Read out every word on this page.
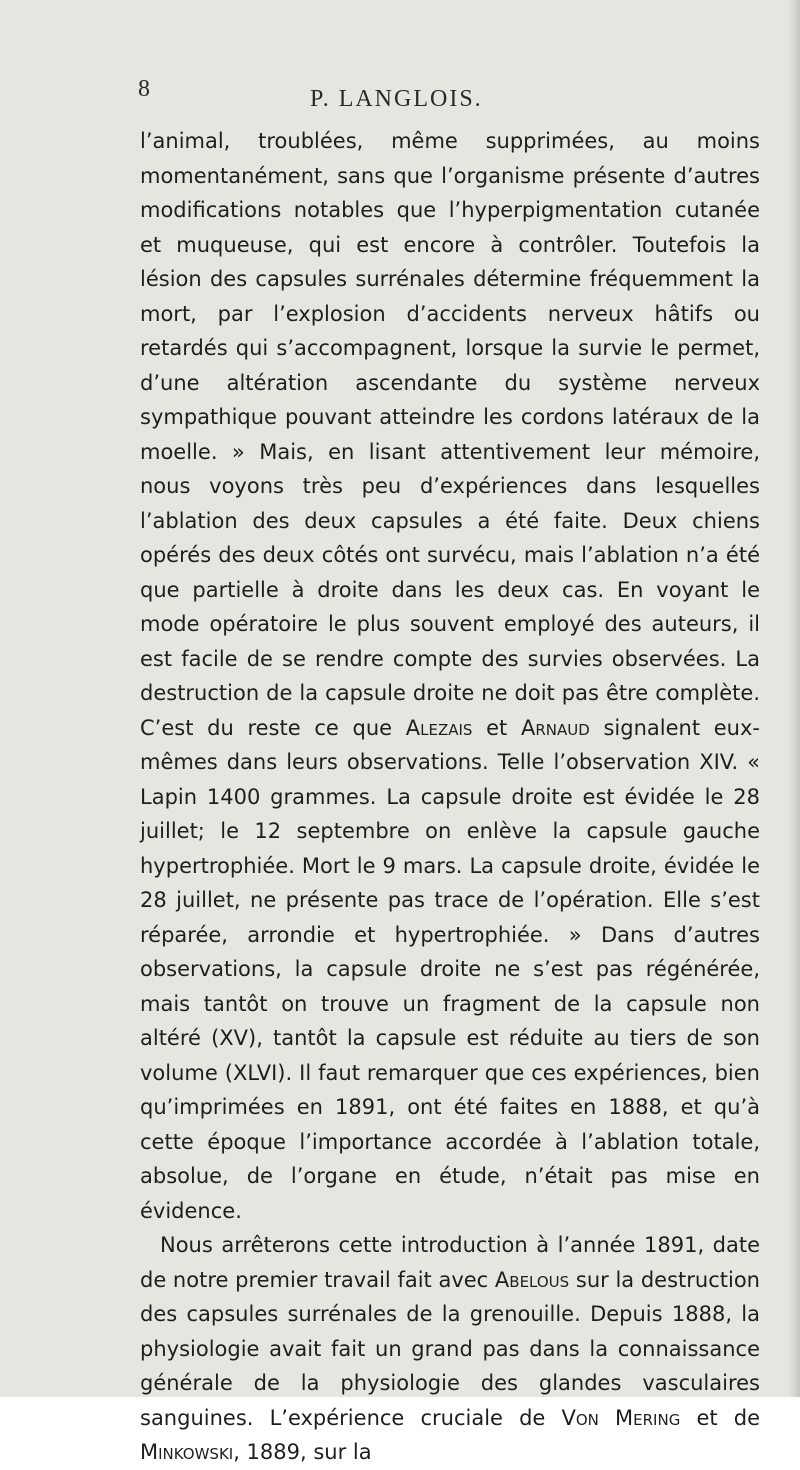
8	P. LANGLOIS.

l’animal, troublées, même supprimées, au moins momentanément, sans que l’organisme présente d’autres modifications notables que l’hyperpigmentation cutanée et muqueuse, qui est encore à contrôler. Toutefois la lésion des capsules surrénales détermine fréquemment la mort, par l’explosion d’accidents nerveux hâtifs ou retardés qui s’accompagnent, lorsque la survie le permet, d’une altération ascendante du système nerveux sympathique pouvant atteindre les cordons latéraux de la moelle. » Mais, en lisant attentivement leur mémoire, nous voyons très peu d’expériences dans lesquelles l’ablation des deux capsules a été faite. Deux chiens opérés des deux côtés ont survécu, mais l’ablation n’a été que partielle à droite dans les deux cas. En voyant le mode opératoire le plus souvent employé des auteurs, il est facile de se rendre compte des survies observées. La destruction de la capsule droite ne doit pas être complète. C’est du reste ce que Alezais et Arnaud signalent eux-mêmes dans leurs observations. Telle l’observation XIV. « Lapin 1400 grammes. La capsule droite est évidée le 28 juillet; le 12 septembre on enlève la capsule gauche hypertrophiée. Mort le 9 mars. La capsule droite, évidée le 28 juillet, ne présente pas trace de l’opération. Elle s’est réparée, arrondie et hypertrophiée. » Dans d’autres observations, la capsule droite ne s’est pas régénérée, mais tantôt on trouve un fragment de la capsule non altéré (XV), tantôt la capsule est réduite au tiers de son volume (XLVI). Il faut remarquer que ces expériences, bien qu’imprimées en 1891, ont été faites en 1888, et qu’à cette époque l’importance accordée à l’ablation totale, absolue, de l’organe en étude, n’était pas mise en évidence.

Nous arrêterons cette introduction à l’année 1891, date de notre premier travail fait avec Abelous sur la destruction des capsules surrénales de la grenouille. Depuis 1888, la physiologie avait fait un grand pas dans la connaissance générale de la physiologie des glandes vasculaires sanguines. L’expérience cruciale de Von Mering et de Minkowski, 1889, sur la
